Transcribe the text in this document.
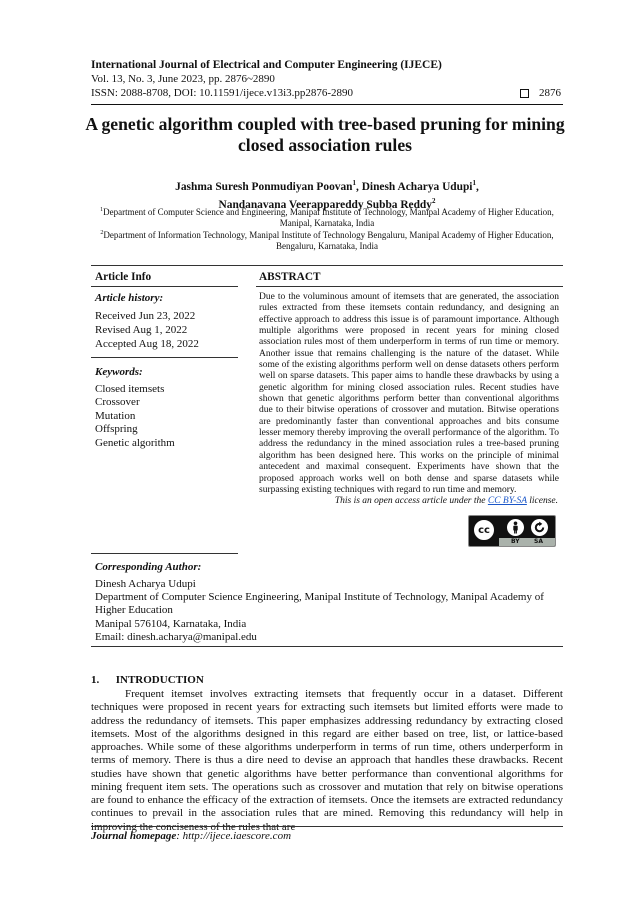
International Journal of Electrical and Computer Engineering (IJECE)
Vol. 13, No. 3, June 2023, pp. 2876~2890
ISSN: 2088-8708, DOI: 10.11591/ijece.v13i3.pp2876-2890	2876
A genetic algorithm coupled with tree-based pruning for mining
closed association rules
Jashma Suresh Ponmudiyan Poovan$^1$, Dinesh Acharya Udupi$^1$,
Nandanavana Veerappareddy Subba Reddy$^2$
$^1$Department of Computer Science and Engineering, Manipal Institute of Technology, Manipal Academy of Higher Education,
Manipal, Karnataka, India
$^2$Department of Information Technology, Manipal Institute of Technology Bengaluru, Manipal Academy of Higher Education,
Bengaluru, Karnataka, India
Article Info	ABSTRACT
Article history:
Received Jun 23, 2022
Revised Aug 1, 2022
Accepted Aug 18, 2022
Keywords:
Closed itemsets
Crossover
Mutation
Offspring
Genetic algorithm
Due to the voluminous amount of itemsets that are generated, the association rules extracted from these itemsets contain redundancy, and designing an effective approach to address this issue is of paramount importance. Although multiple algorithms were proposed in recent years for mining closed association rules most of them underperform in terms of run time or memory. Another issue that remains challenging is the nature of the dataset. While some of the existing algorithms perform well on dense datasets others perform well on sparse datasets. This paper aims to handle these drawbacks by using a genetic algorithm for mining closed association rules. Recent studies have shown that genetic algorithms perform better than conventional algorithms due to their bitwise operations of crossover and mutation. Bitwise operations are predominantly faster than conventional approaches and bits consume lesser memory thereby improving the overall performance of the algorithm. To address the redundancy in the mined association rules a tree-based pruning algorithm has been designed here. This works on the principle of minimal antecedent and maximal consequent. Experiments have shown that the proposed approach works well on both dense and sparse datasets while surpassing existing techniques with regard to run time and memory.
This is an open access article under the CC BY-SA license.
cc
BY SA
Corresponding Author:
Dinesh Acharya Udupi
Department of Computer Science Engineering, Manipal Institute of Technology, Manipal Academy of
Higher Education
Manipal 576104, Karnataka, India
Email: dinesh.acharya@manipal.edu
1.      INTRODUCTION
Frequent itemset involves extracting itemsets that frequently occur in a dataset. Different techniques were proposed in recent years for extracting such itemsets but limited efforts were made to address the redundancy of itemsets. This paper emphasizes addressing redundancy by extracting closed itemsets. Most of the algorithms designed in this regard are either based on tree, list, or lattice-based approaches. While some of these algorithms underperform in terms of run time, others underperform in terms of memory. There is thus a dire need to devise an approach that handles these drawbacks. Recent studies have shown that genetic algorithms have better performance than conventional algorithms for mining frequent item sets. The operations such as crossover and mutation that rely on bitwise operations are found to enhance the efficacy of the extraction of itemsets. Once the itemsets are extracted redundancy continues to prevail in the association rules that are mined. Removing this redundancy will help in improving the conciseness of the rules that are
Journal homepage: http://ijece.iaescore.com
